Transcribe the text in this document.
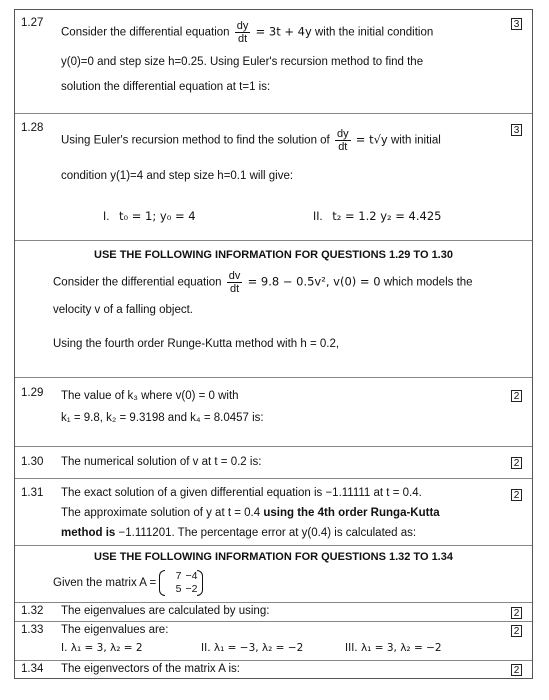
1.27	3
Consider the differential equation $\frac{dy}{dt} = 3t + 4y$ with the initial condition
y(0)=0 and step size h=0.25. Using Euler's recursion method to find the
solution the differential equation at t=1 is:
1.28	3
Using Euler's recursion method to find the solution of $\frac{dy}{dt} = t√y$ with initial
condition y(1)=4 and step size h=0.1 will give:
I. t₀ = 1; y₀ = 4	II. t₂ = 1.2 y₂ = 4.425
USE THE FOLLOWING INFORMATION FOR QUESTIONS 1.29 TO 1.30
Consider the differential equation $\frac{dv}{dt} = 9.8 - 0.5v^2$, v(0) = 0 which models the
velocity v of a falling object.
Using the fourth order Runge-Kutta method with h = 0.2,
1.29	2
The value of k₃ where v(0) = 0 with
k₁ = 9.8, k₂ = 9.3198 and k₄ = 8.0457 is:
1.30	2
The numerical solution of v at t = 0.2 is:
1.31	2
The exact solution of a given differential equation is −1.11111 at t = 0.4.
The approximate solution of y at t = 0.4 using the 4th order Runga-Kutta
method is −1.111201. The percentage error at y(0.4) is calculated as:
USE THE FOLLOWING INFORMATION FOR QUESTIONS 1.32 TO 1.34
Given the matrix A = 7 −4
5 −2
1.32	2
The eigenvalues are calculated by using:
1.33	2
The eigenvalues are:
I. λ₁ = 3, λ₂ = 2	II. λ₁ = −3, λ₂ = −2	III. λ₁ = 3, λ₂ = −2
1.34	2
The eigenvectors of the matrix A is:
